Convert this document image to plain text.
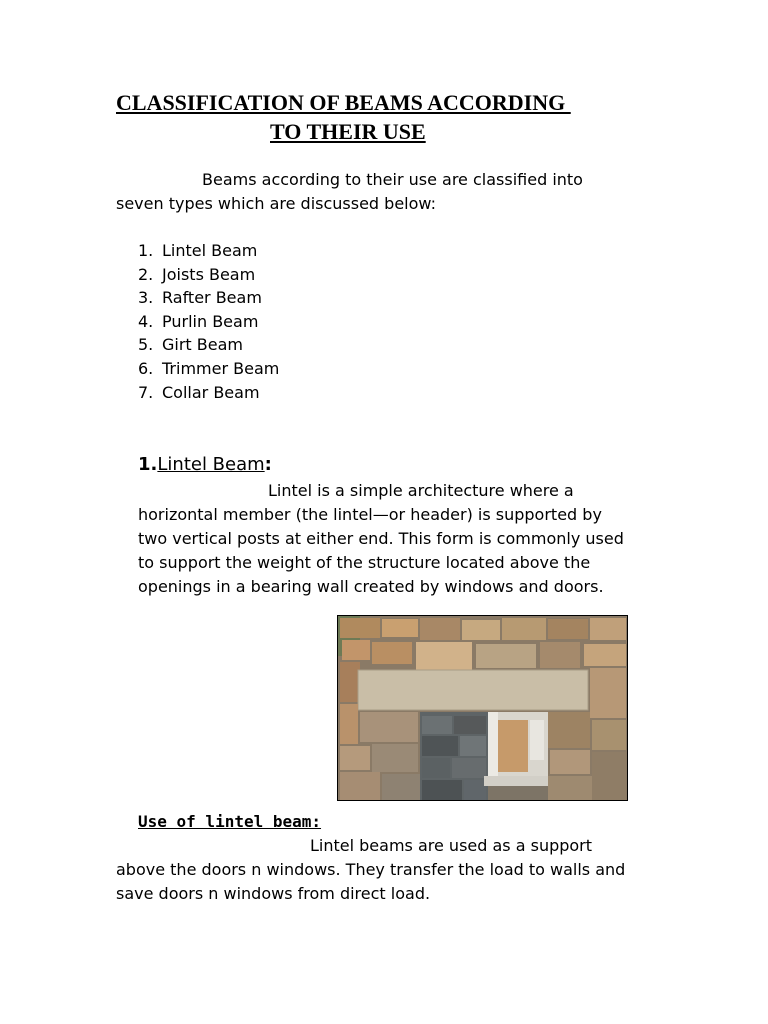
CLASSIFICATION OF BEAMS ACCORDING
TO THEIR USE
Beams according to their use are classified into
seven types which are discussed below:
1. Lintel Beam
2. Joists Beam
3. Rafter Beam
4. Purlin Beam
5. Girt Beam
6. Trimmer Beam
7. Collar Beam
1.Lintel Beam:
Lintel is a simple architecture where a
horizontal member (the lintel—or header) is supported by
two vertical posts at either end. This form is commonly used
to support the weight of the structure located above the
openings in a bearing wall created by windows and doors.
Use of lintel beam:
Lintel beams are used as a support
above the doors n windows. They transfer the load to walls and
save doors n windows from direct load.
